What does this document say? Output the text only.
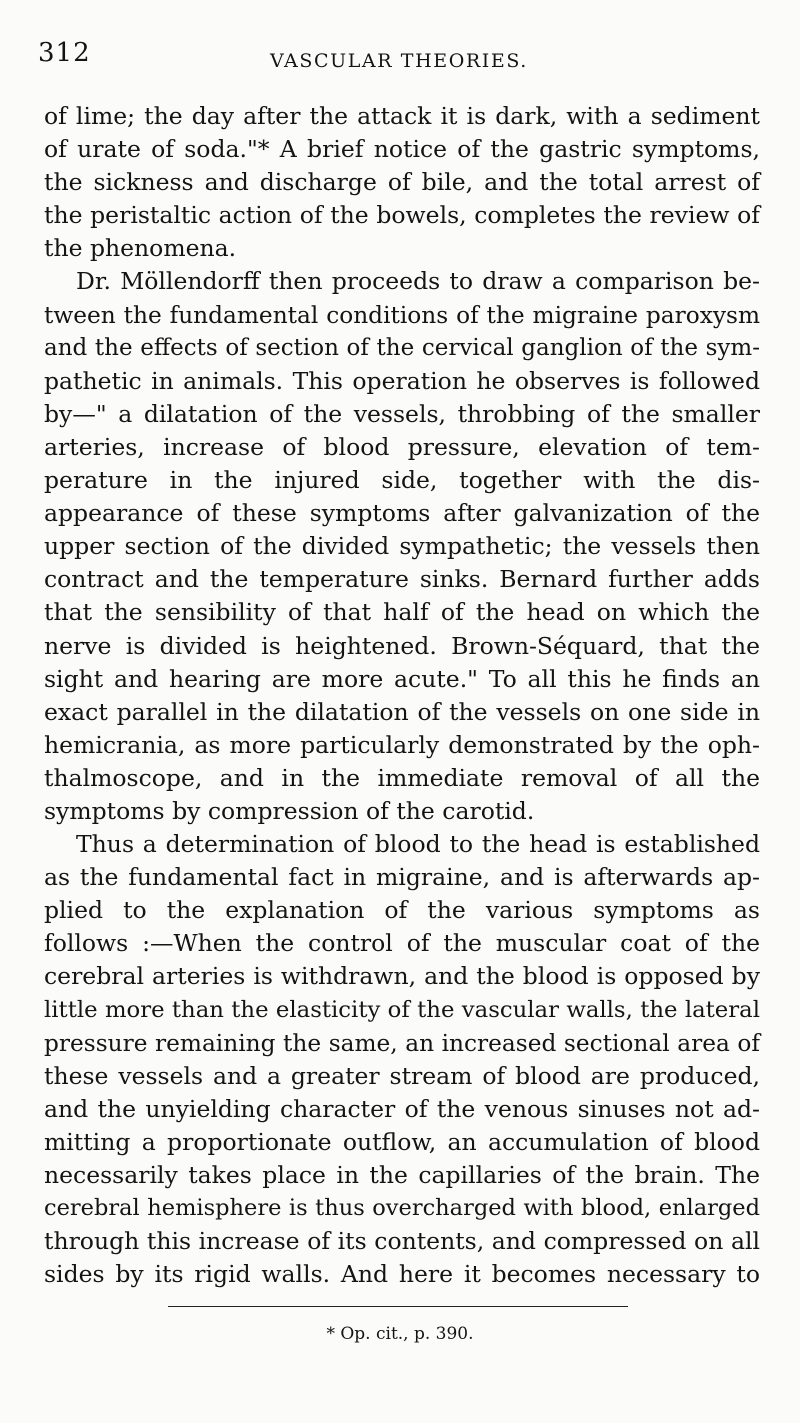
312	VASCULAR THEORIES.
of lime; the day after the attack it is dark, with a sediment
of urate of soda."* A brief notice of the gastric symptoms,
the sickness and discharge of bile, and the total arrest of
the peristaltic action of the bowels, completes the review of
the phenomena.
Dr. Möllendorff then proceeds to draw a comparison be-
tween the fundamental conditions of the migraine paroxysm
and the effects of section of the cervical ganglion of the sym-
pathetic in animals. This operation he observes is followed
by—" a dilatation of the vessels, throbbing of the smaller
arteries, increase of blood pressure, elevation of tem-
perature in the injured side, together with the dis-
appearance of these symptoms after galvanization of the
upper section of the divided sympathetic; the vessels then
contract and the temperature sinks. Bernard further adds
that the sensibility of that half of the head on which the
nerve is divided is heightened. Brown-Séquard, that the
sight and hearing are more acute." To all this he finds an
exact parallel in the dilatation of the vessels on one side in
hemicrania, as more particularly demonstrated by the oph-
thalmoscope, and in the immediate removal of all the
symptoms by compression of the carotid.
Thus a determination of blood to the head is established
as the fundamental fact in migraine, and is afterwards ap-
plied to the explanation of the various symptoms as
follows :—When the control of the muscular coat of the
cerebral arteries is withdrawn, and the blood is opposed by
little more than the elasticity of the vascular walls, the lateral
pressure remaining the same, an increased sectional area of
these vessels and a greater stream of blood are produced,
and the unyielding character of the venous sinuses not ad-
mitting a proportionate outflow, an accumulation of blood
necessarily takes place in the capillaries of the brain. The
cerebral hemisphere is thus overcharged with blood, enlarged
through this increase of its contents, and compressed on all
sides by its rigid walls. And here it becomes necessary to
* Op. cit., p. 390.
